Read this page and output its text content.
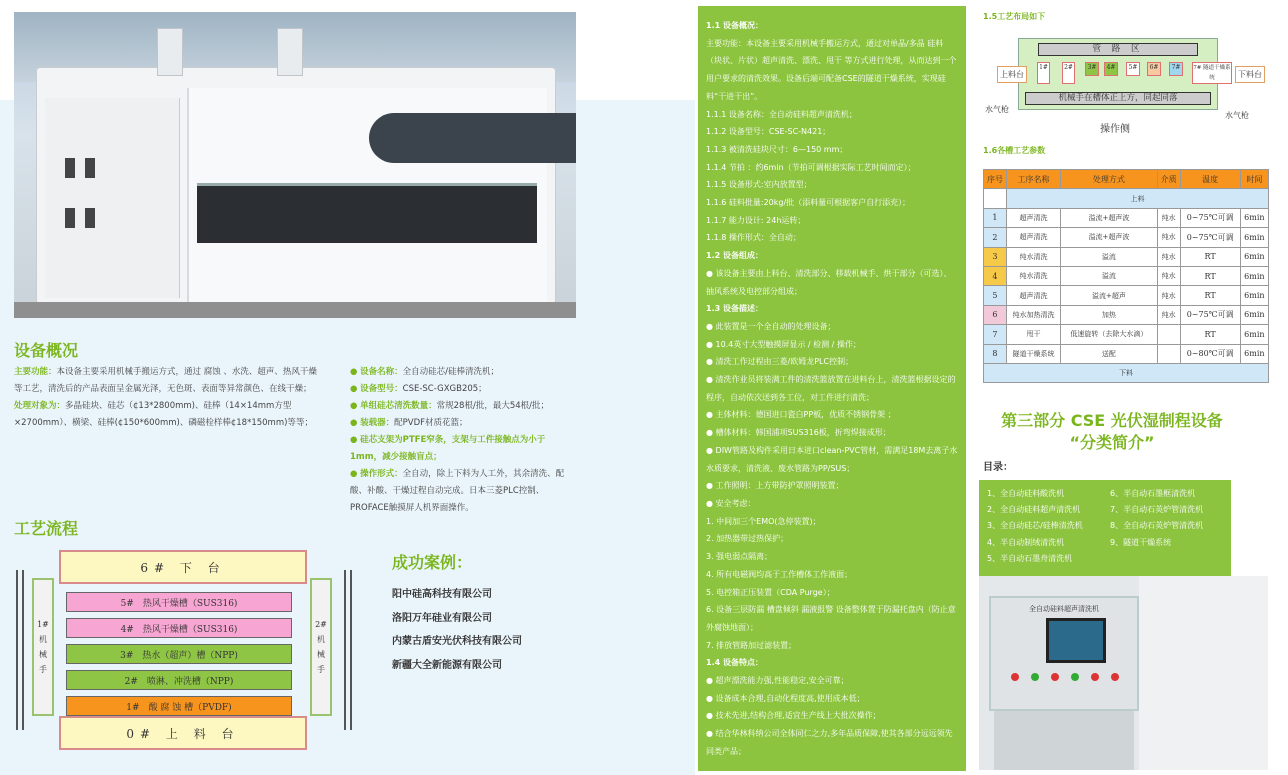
设备概况
主要功能：本设备主要采用机械手搬运方式，通过 腐蚀 、水洗、超声、热风干燥等工艺，清洗后的产品表面呈金属光泽，无色斑、表面等异常颜色、在线干燥；
处理对象为：多晶硅块、硅芯（¢13*2800mm)、硅棒（14×14mm方型×2700mm）、横梁、硅棒(¢150*600mm)、磷磁栓样棒¢18*150mm)等等；
● 设备名称：全自动硅芯/硅棒清洗机；
● 设备型号：CSE-SC-GXGB205；
● 单组硅芯清洗数量：常规28根/批，最大54根/批；
● 装载器：配PVDF材质花篮；
● 硅芯支架为PTFE窄条，支架与工件接触点为小于1mm，减少接触盲点；
● 操作形式：全自动，除上下料为人工外，其余清洗、配酸、补酸、干燥过程自动完成。日本三菱PLC控制、PROFACE触摸屏人机界面操作。
工艺流程
1#
机
械
手
2#
机
械
手
6# 下 台
5#　热风干燥槽（SUS316)
4#　热风干燥槽（SUS316)
3#　热水（超声）槽（NPP)
2#　喷淋、冲洗槽（NPP)
1#　酸 腐 蚀 槽（PVDF)
0# 上 料 台
成功案例：
阳中硅高科技有限公司
洛阳万年硅业有限公司
内蒙古盾安光伏科技有限公司
新疆大全新能源有限公司
1.1 设备概况：
主要功能：本设备主要采用机械手搬运方式，通过对单晶/多晶 硅料（块状、片状）超声清洗、漂洗、甩干 等方式进行处理，从而达到一个用户要求的清洗效果。设备后端可配备CSE的隧道干燥系统，实现硅料“干进干出”。
1.1.1 设备名称：全自动硅料超声清洗机；
1.1.2 设备型号：CSE-SC-N421；
1.1.3 被清洗硅块尺寸：6—150 mm；
1.1.4 节拍 ：约6min（节拍可调根据实际工艺时间而定）；
1.1.5 设备形式:室内放置型；
1.1.6 硅料批量:20kg/批（添料量可根据客户自行添充）；
1.1.7 能力设计: 24h运转；
1.1.8 操作形式：全自动；
1.2 设备组成：
● 该设备主要由上料台、清洗部分、移载机械手、烘干部分（可选）、抽风系统及电控部分组成；
1.3 设备描述：
● 此装置是一个全自动的处理设备；
● 10.4英寸大型触摸屏显示 / 检测 / 操作；
● 清洗工作过程由三菱/欧姆龙PLC控制；
● 清洗作业员将装满工件的清洗篮放置在进料台上，清洗篮根据设定的程序，自动依次送到各工位，对工件进行清洗；
● 主体材料：德国进口瓷白PP板，优质不锈钢骨架 ；
● 槽体材料：韩国浦项SUS316板，折弯焊接成形；
● DIW管路及构件采用日本进口clean-PVC管材，需满足18M去离子水水质要求，清洗液、废水管路为PP/SUS；
● 工作照明：上方带防护罩照明装置；
● 安全考虑：
1. 中间加三个EMO(急停装置)；
2. 加热器带过热保护；
3. 强电弱点隔离；
4. 所有电磁阀均高于工作槽体工作液面；
5. 电控箱正压装置（CDA Purge）；
6. 设备三层防漏 槽盘倾斜 漏液报警 设备整体置于防漏托盘内（防止意外腐蚀地面）；
7. 排放管路加过滤装置；
1.4 设备特点：
● 超声漂洗能力强,性能稳定,安全可靠；
● 设备成本合理,自动化程度高,使用成本低；
● 技术先进,结构合理,适宜生产线上大批次操作；
● 结合华林科纳公司全体同仁之力,多年品质保障,使其各部分远远领先同类产品；
1.5工艺布局如下
管 路 区
1#	2#	3#	4#	5#	6#	7#	7# 隧道干燥系统
上料台	下料台
机械手在槽体正上方，同起同落
水气枪
水气枪
操作侧
1.6各槽工艺参数
序号	工序名称	处理方式	介质	温度	时间
	上料				
1	超声清洗	溢流+超声波	纯水	0~75℃可调	6min
2	超声清洗	溢流+超声波	纯水	0~75℃可调	6min
3	纯水清洗	溢流	纯水	RT	6min
4	纯水清洗	溢流	纯水	RT	6min
5	超声清洗	溢流+超声	纯水	RT	6min
6	纯水加热清洗	加热	纯水	0~75℃可调	6min
7	甩干	低速旋转（去除大水滴）		RT	6min
8	隧道干燥系统	送配		0~80℃可调	6min
下料					
第三部分 CSE 光伏湿制程设备
“分类简介”
目录：
1、全自动硅料酸洗机
2、全自动硅料超声清洗机
3、全自动硅芯/硅棒清洗机
4、半自动制绒清洗机
5、半自动石墨舟清洗机
6、半自动石墨框清洗机
7、半自动石英炉管清洗机
8、全自动石英炉管清洗机
9、隧道干燥系统
全自动硅料超声清洗机
